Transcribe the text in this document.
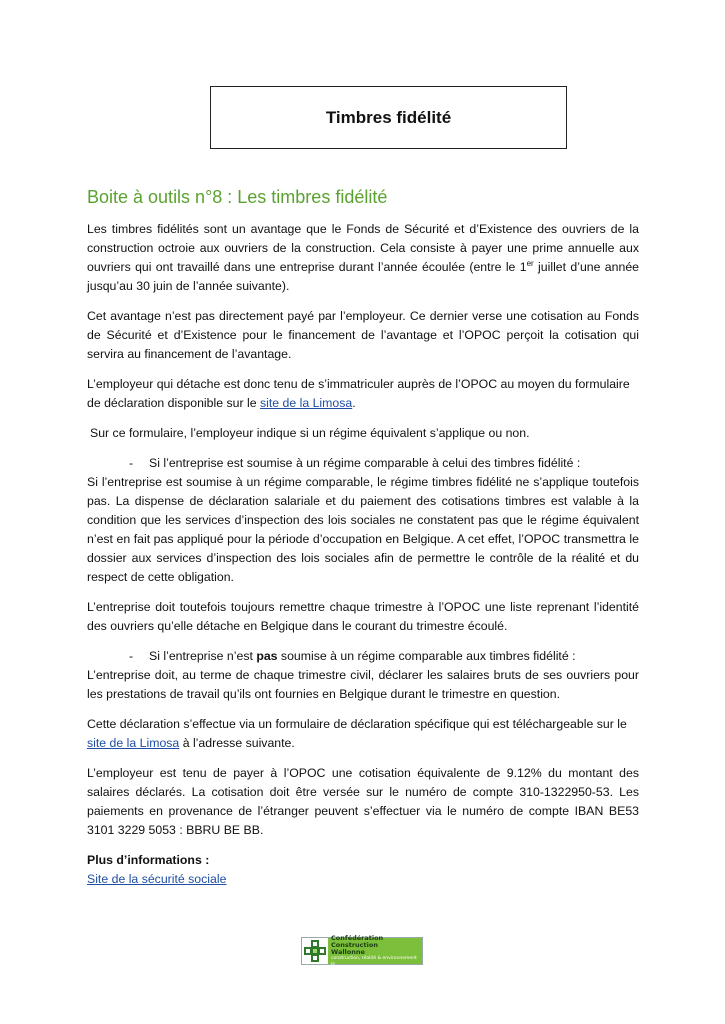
Timbres fidélité
Boite à outils n°8 : Les timbres fidélité

Les timbres fidélités sont un avantage que le Fonds de Sécurité et d’Existence des ouvriers de la construction octroie aux ouvriers de la construction. Cela consiste à payer une prime annuelle aux ouvriers qui ont travaillé dans une entreprise durant l’année écoulée (entre le 1er juillet d’une année jusqu’au 30 juin de l’année suivante).

Cet avantage n’est pas directement payé par l’employeur. Ce dernier verse une cotisation au Fonds de Sécurité et d’Existence pour le financement de l’avantage et l’OPOC perçoit la cotisation qui servira au financement de l’avantage.

L’employeur qui détache est donc tenu de s’immatriculer auprès de l’OPOC au moyen du formulaire de déclaration disponible sur le site de la Limosa.

Sur ce formulaire, l’employeur indique si un régime équivalent s’applique ou non.

- Si l’entreprise est soumise à un régime comparable à celui des timbres fidélité :

Si l’entreprise est soumise à un régime comparable, le régime timbres fidélité ne s’applique toutefois pas. La dispense de déclaration salariale et du paiement des cotisations timbres est valable à la condition que les services d’inspection des lois sociales ne constatent pas que le régime équivalent n’est en fait pas appliqué pour la période d’occupation en Belgique. A cet effet, l’OPOC transmettra le dossier aux services d’inspection des lois sociales afin de permettre le contrôle de la réalité et du respect de cette obligation.

L’entreprise doit toutefois toujours remettre chaque trimestre à l’OPOC une liste reprenant l’identité des ouvriers qu’elle détache en Belgique dans le courant du trimestre écoulé.

- Si l’entreprise n’est pas soumise à un régime comparable aux timbres fidélité :

L’entreprise doit, au terme de chaque trimestre civil, déclarer les salaires bruts de ses ouvriers pour les prestations de travail qu’ils ont fournies en Belgique durant le trimestre en question.

Cette déclaration s’effectue via un formulaire de déclaration spécifique qui est téléchargeable sur le site de la Limosa à l’adresse suivante.

L’employeur est tenu de payer à l’OPOC une cotisation équivalente de 9.12% du montant des salaires déclarés. La cotisation doit être versée sur le numéro de compte 310-1322950-53. Les paiements en provenance de l’étranger peuvent s’effectuer via le numéro de compte IBAN BE53 3101 3229 5053 : BBRU BE BB.

Plus d’informations :

Site de la sécurité sociale

Confédération Construction
Wallonne
construction, réalité & environnement le
